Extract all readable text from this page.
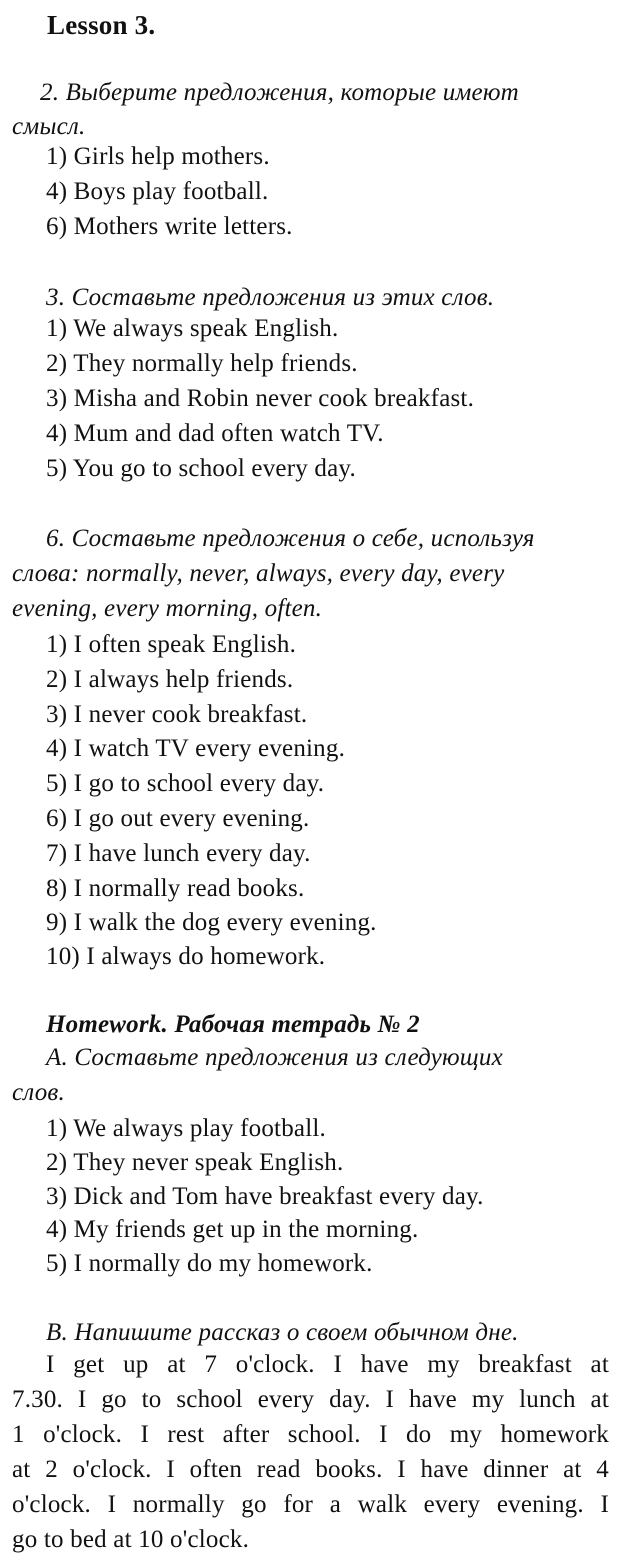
Lesson 3.
2. Выберите предложения, которые имеют
смысл.
1) Girls help mothers.
4) Boys play football.
6) Mothers write letters.
3. Составьте предложения из этих слов.
1) We always speak English.
2) They normally help friends.
3) Misha and Robin never cook breakfast.
4) Mum and dad often watch TV.
5) You go to school every day.
6. Составьте предложения о себе, используя
слова: normally, never, always, every day, every
evening, every morning, often.
1) I often speak English.
2) I always help friends.
3) I never cook breakfast.
4) I watch TV every evening.
5) I go to school every day.
6) I go out every evening.
7) I have lunch every day.
8) I normally read books.
9) I walk the dog every evening.
10) I always do homework.
Homework. Рабочая тетрадь № 2
A. Составьте предложения из следующих
слов.
1) We always play football.
2) They never speak English.
3) Dick and Tom have breakfast every day.
4) My friends get up in the morning.
5) I normally do my homework.
B. Напишите рассказ о своем обычном дне.
I get up at 7 o'clock. I have my breakfast at
7.30. I go to school every day. I have my lunch at
1 o'clock. I rest after school. I do my homework
at 2 o'clock. I often read books. I have dinner at 4
o'clock. I normally go for a walk every evening. I
go to bed at 10 o'clock.
